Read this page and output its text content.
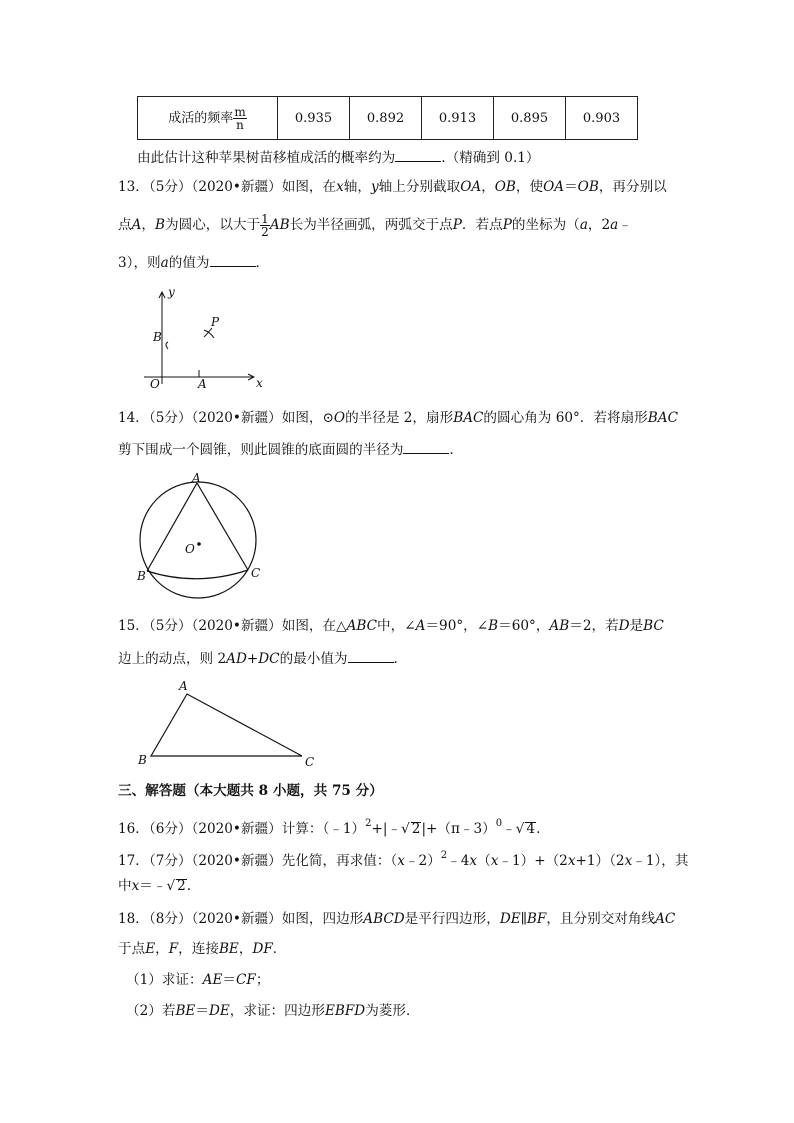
成活的频率 $\frac{m}{n}$	0.935	0.892	0.913	0.895	0.903
由此估计这种苹果树苗移植成活的概率约为	.（精确到 0.1）
13．（5分）（2020•新疆）如图，在x轴，y轴上分别截取OA，OB，使OA＝OB，再分别以
点A，B为圆心，以大于 $\frac{1}{2}$ AB长为半径画弧，两弧交于点P．若点P的坐标为（a，2a﹣
3），则a的值为	．
y
x
O	A
B
P
14．（5分）（2020•新疆）如图，⊙O的半径是 2，扇形BAC的圆心角为 60°．若将扇形BAC
剪下围成一个圆锥，则此圆锥的底面圆的半径为	．
A
B	C
O
15．（5分）（2020•新疆）如图，在△ABC中，∠A＝90°，∠B＝60°，AB＝2，若D是BC
边上的动点，则 2AD+DC的最小值为	．
A
B	C
三、解答题（本大题共 8 小题，共 75 分）
16．（6分）（2020•新疆）计算：（﹣1）$^2$+|﹣√ 2|+（π﹣3）$^0$﹣√ 4.
17．（7分）（2020•新疆）先化简，再求值：（x﹣2）$^2$﹣4x（x﹣1）+（2x+1）（2x﹣1），其
中x＝﹣√ 2.
18．（8分）（2020•新疆）如图，四边形ABCD是平行四边形，DE∥BF，且分别交对角线AC
于点E，F，连接BE，DF．
（1）求证：AE＝CF；
（2）若BE＝DE，求证：四边形EBFD为菱形．
